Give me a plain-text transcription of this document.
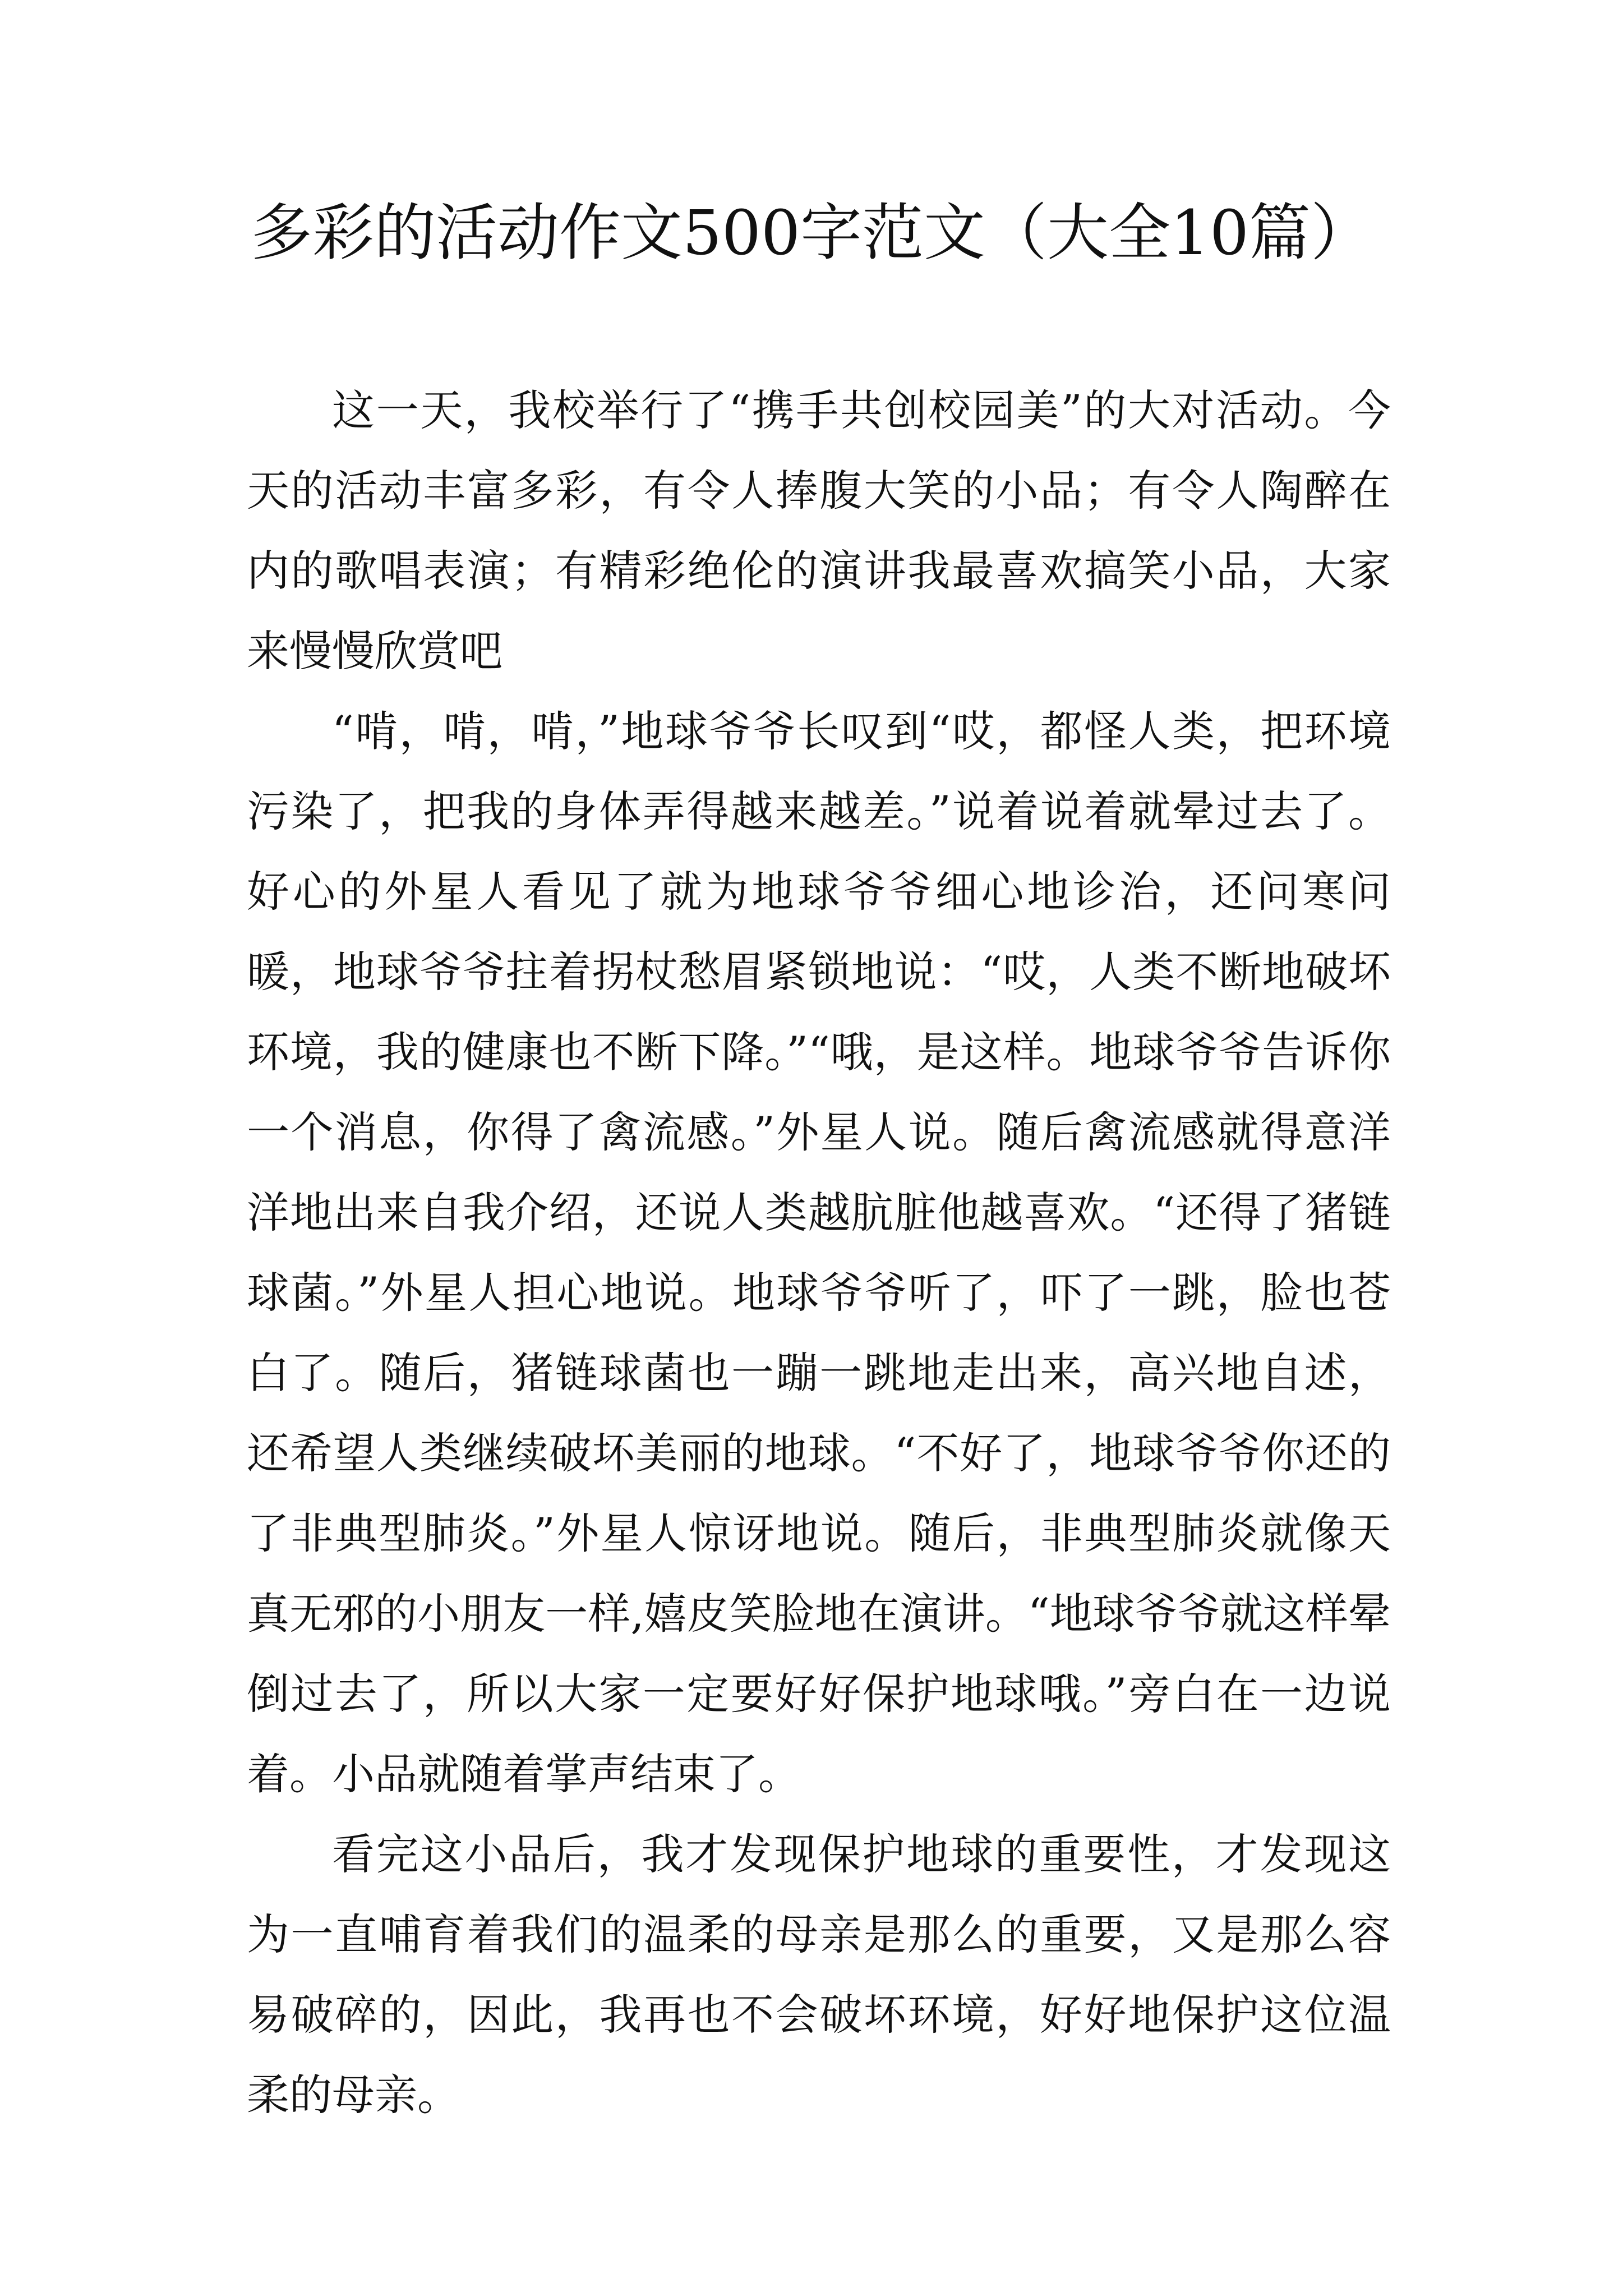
多彩的活动作文500字范文（大全10篇）

这一天，我校举行了“携手共创校园美”的大对活动。今天的活动丰富多彩，有令人捧腹大笑的小品；有令人陶醉在内的歌唱表演；有精彩绝伦的演讲我最喜欢搞笑小品，大家来慢慢欣赏吧

“啃，啃，啃，”地球爷爷长叹到“哎，都怪人类，把环境污染了，把我的身体弄得越来越差。”说着说着就晕过去了。好心的外星人看见了就为地球爷爷细心地诊治，还问寒问暖，地球爷爷拄着拐杖愁眉紧锁地说：“哎，人类不断地破坏环境，我的健康也不断下降。”“哦，是这样。地球爷爷告诉你一个消息，你得了禽流感。”外星人说。随后禽流感就得意洋洋地出来自我介绍，还说人类越肮脏他越喜欢。“还得了猪链球菌。”外星人担心地说。地球爷爷听了，吓了一跳，脸也苍白了。随后，猪链球菌也一蹦一跳地走出来，高兴地自述，还希望人类继续破坏美丽的地球。“不好了，地球爷爷你还的了非典型肺炎。”外星人惊讶地说。随后，非典型肺炎就像天真无邪的小朋友一样,嬉皮笑脸地在演讲。“地球爷爷就这样晕倒过去了，所以大家一定要好好保护地球哦。”旁白在一边说着。小品就随着掌声结束了。

看完这小品后，我才发现保护地球的重要性，才发现这为一直哺育着我们的温柔的母亲是那么的重要，又是那么容易破碎的，因此，我再也不会破坏环境，好好地保护这位温柔的母亲。
